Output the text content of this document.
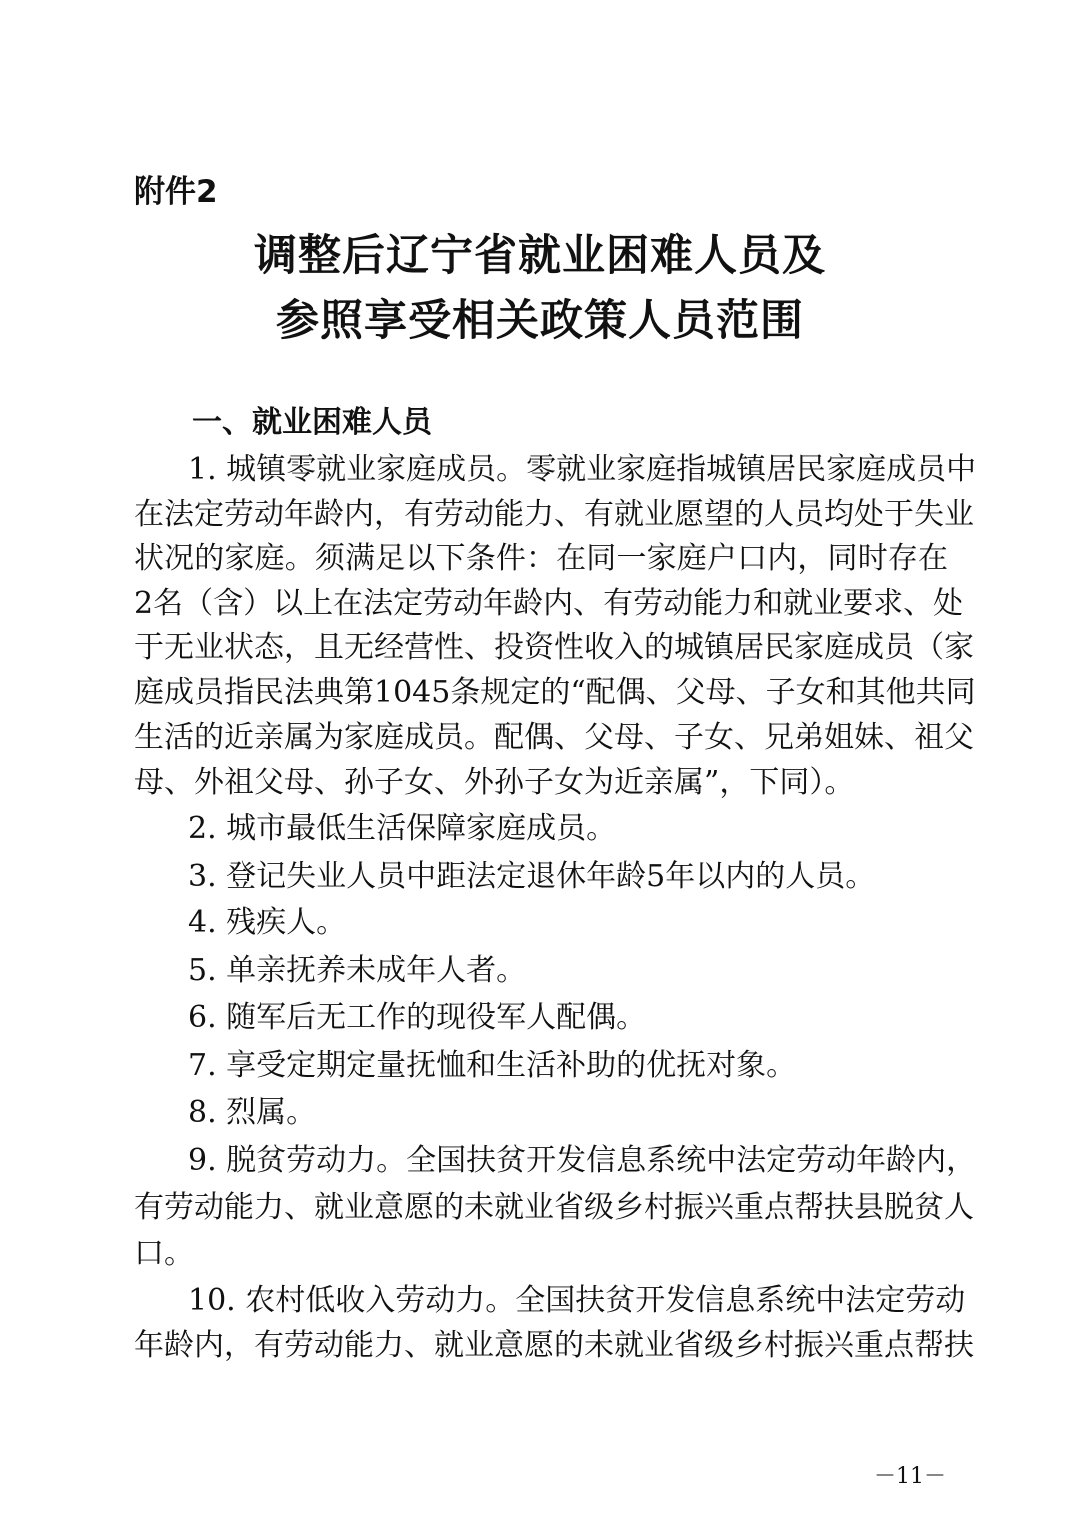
附件2

调整后辽宁省就业困难人员及
参照享受相关政策人员范围
一、就业困难人员

1. 城镇零就业家庭成员。零就业家庭指城镇居民家庭成员中

在法定劳动年龄内，有劳动能力、有就业愿望的人员均处于失业

状况的家庭。须满足以下条件：在同一家庭户口内，同时存在

2名（含）以上在法定劳动年龄内、有劳动能力和就业要求、处

于无业状态，且无经营性、投资性收入的城镇居民家庭成员（家

庭成员指民法典第1045条规定的“配偶、父母、子女和其他共同

生活的近亲属为家庭成员。配偶、父母、子女、兄弟姐妹、祖父

母、外祖父母、孙子女、外孙子女为近亲属”，下同）。

2. 城市最低生活保障家庭成员。

3. 登记失业人员中距法定退休年龄5年以内的人员。

4. 残疾人。

5. 单亲抚养未成年人者。

6. 随军后无工作的现役军人配偶。

7. 享受定期定量抚恤和生活补助的优抚对象。

8. 烈属。

9. 脱贫劳动力。全国扶贫开发信息系统中法定劳动年龄内，

有劳动能力、就业意愿的未就业省级乡村振兴重点帮扶县脱贫人

口。

10. 农村低收入劳动力。全国扶贫开发信息系统中法定劳动

年龄内，有劳动能力、就业意愿的未就业省级乡村振兴重点帮扶

－11－
